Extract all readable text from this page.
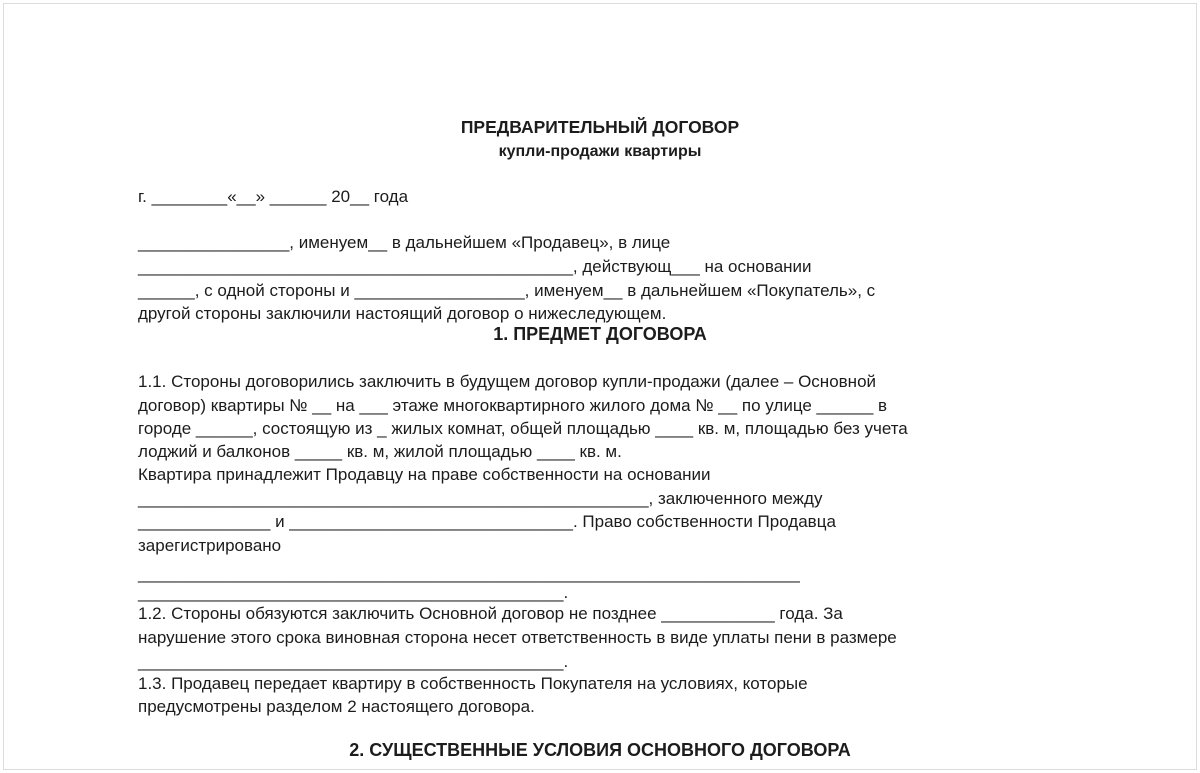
ПРЕДВАРИТЕЛЬНЫЙ ДОГОВОР
купли-продажи квартиры
г. ________«__» ______ 20__ года
________________, именуем__ в дальнейшем «Продавец», в лице
______________________________________________, действующ___ на основании
______, с одной стороны и __________________, именуем__ в дальнейшем «Покупатель», с
другой стороны заключили настоящий договор о нижеследующем.
1. ПРЕДМЕТ ДОГОВОРА
1.1. Стороны договорились заключить в будущем договор купли-продажи (далее – Основной
договор) квартиры № __ на ___ этаже многоквартирного жилого дома № __ по улице ______ в
городе ______, состоящую из _ жилых комнат, общей площадью ____ кв. м, площадью без учета
лоджий и балконов _____ кв. м, жилой площадью ____ кв. м.
Квартира принадлежит Продавцу на праве собственности на основании
______________________________________________________, заключенного между
______________ и ______________________________. Право собственности Продавца
зарегистрировано
______________________________________________________________________
_____________________________________________.
1.2. Стороны обязуются заключить Основной договор не позднее ____________ года. За
нарушение этого срока виновная сторона несет ответственность в виде уплаты пени в размере
_____________________________________________.
1.3. Продавец передает квартиру в собственность Покупателя на условиях, которые
предусмотрены разделом 2 настоящего договора.
2. СУЩЕСТВЕННЫЕ УСЛОВИЯ ОСНОВНОГО ДОГОВОРА
